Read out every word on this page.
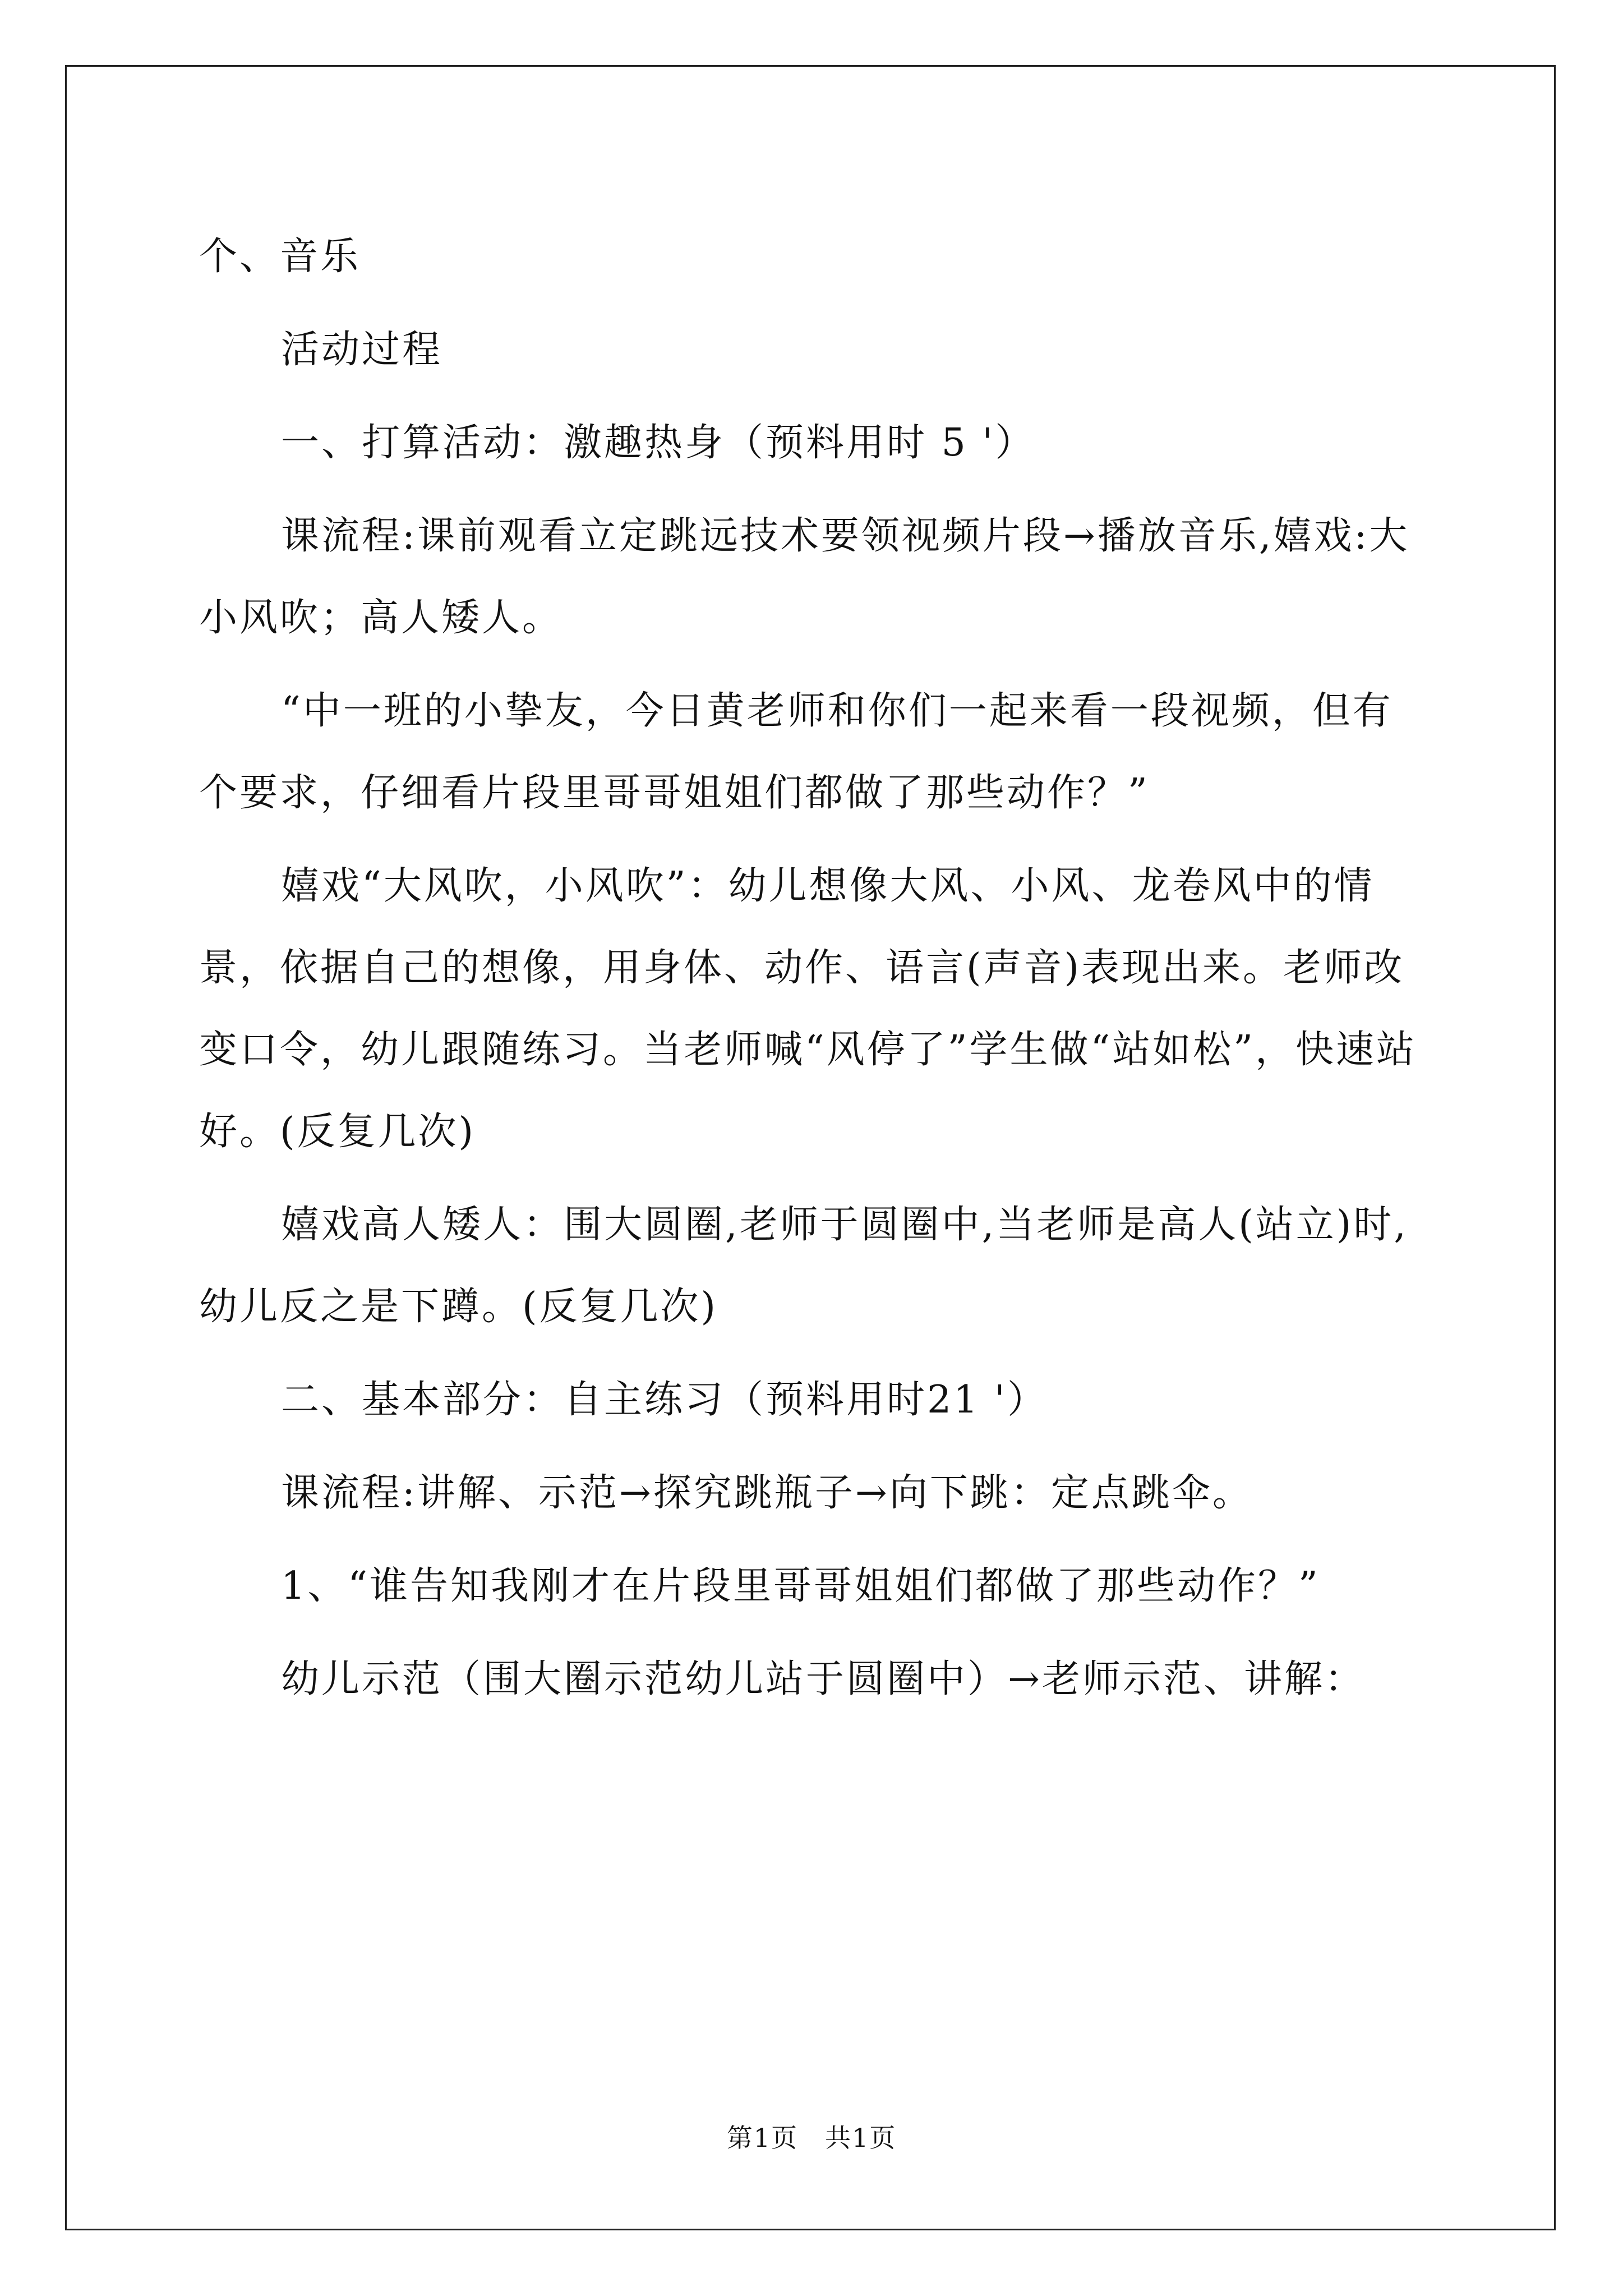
个、音乐

活动过程

一、打算活动：激趣热身（预料用时 5 '）

课流程:课前观看立定跳远技术要领视频片段→播放音乐,嬉戏:大小风吹；高人矮人。

“中一班的小挚友，今日黄老师和你们一起来看一段视频，但有个要求，仔细看片段里哥哥姐姐们都做了那些动作？”

嬉戏“大风吹，小风吹”：幼儿想像大风、小风、龙卷风中的情景，依据自己的想像，用身体、动作、语言(声音)表现出来。老师改变口令，幼儿跟随练习。当老师喊“风停了”学生做“站如松”，快速站好。(反复几次)

嬉戏高人矮人：围大圆圈,老师于圆圈中,当老师是高人(站立)时,幼儿反之是下蹲。(反复几次)

二、基本部分：自主练习（预料用时21 '）

课流程:讲解、示范→探究跳瓶子→向下跳：定点跳伞。

1、“谁告知我刚才在片段里哥哥姐姐们都做了那些动作？”

幼儿示范（围大圈示范幼儿站于圆圈中）→老师示范、讲解：

第1页　共1页
